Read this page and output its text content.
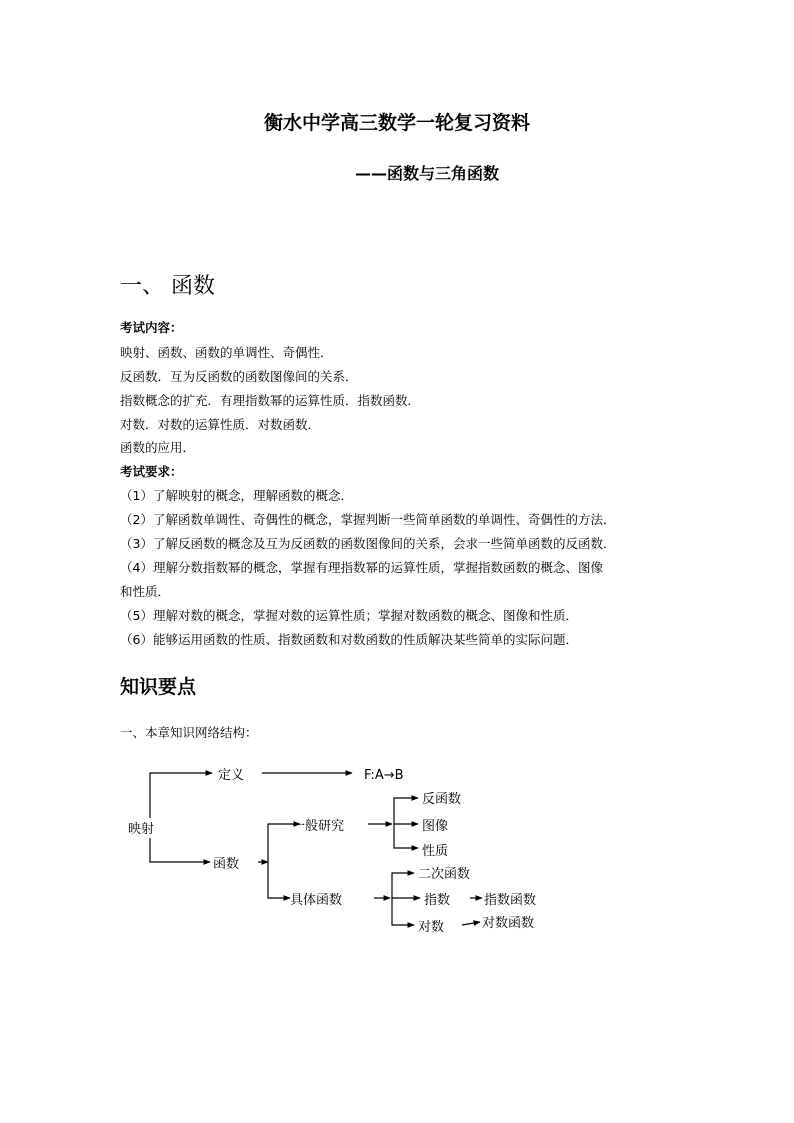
衡水中学高三数学一轮复习资料
——函数与三角函数
一、 函数
考试内容：
映射、函数、函数的单调性、奇偶性．
反函数．互为反函数的函数图像间的关系．
指数概念的扩充．有理指数幂的运算性质．指数函数．
对数．对数的运算性质．对数函数．
函数的应用．
考试要求：
（1）了解映射的概念，理解函数的概念．
（2）了解函数单调性、奇偶性的概念，掌握判断一些简单函数的单调性、奇偶性的方法．
（3）了解反函数的概念及互为反函数的函数图像间的关系，会求一些简单函数的反函数．
（4）理解分数指数幂的概念，掌握有理指数幂的运算性质，掌握指数函数的概念、图像
和性质．
（5）理解对数的概念，掌握对数的运算性质；掌握对数函数的概念、图像和性质．
（6）能够运用函数的性质、指数函数和对数函数的性质解决某些简单的实际问题．
知识要点
一、本章知识网络结构：
映射
定义	F:A→B
函数
一般研究
反函数
图像
性质
具体函数
二次函数
指数	指数函数
对数	对数函数
